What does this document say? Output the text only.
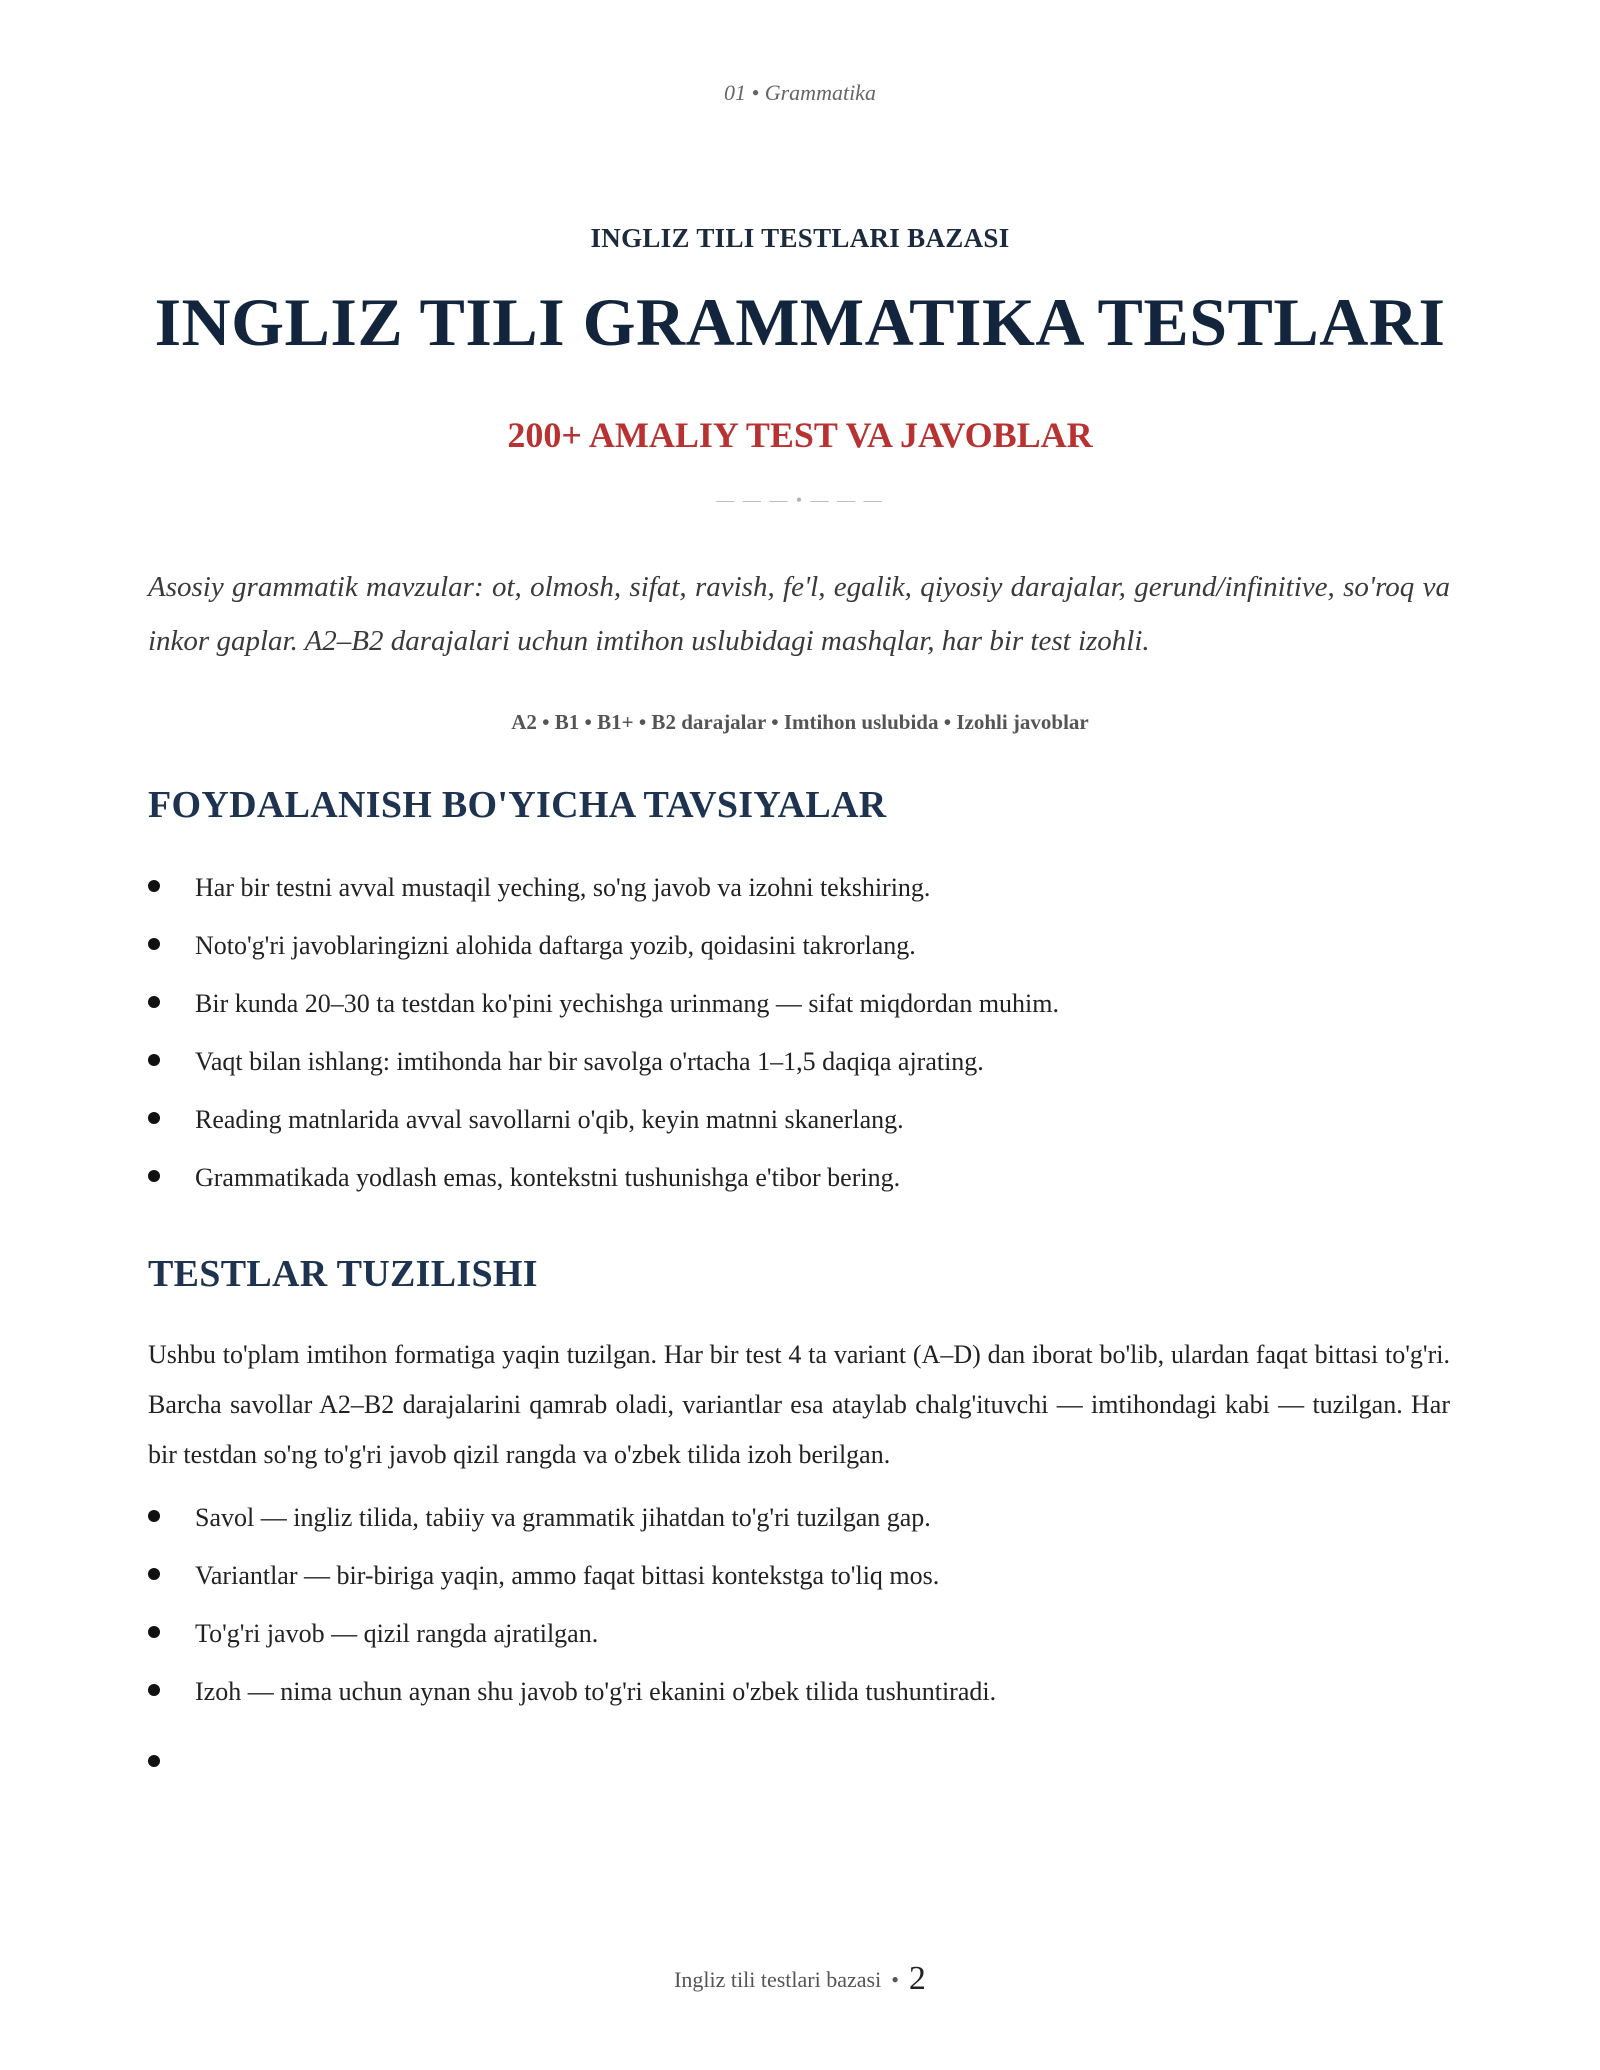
01 • Grammatika
INGLIZ TILI TESTLARI BAZASI
INGLIZ TILI GRAMMATIKA TESTLARI
200+ AMALIY TEST VA JAVOBLAR
— — — • — — —
Asosiy grammatik mavzular: ot, olmosh, sifat, ravish, fe'l, egalik, qiyosiy darajalar, gerund/infinitive, so'roq va inkor gaplar. A2–B2 darajalari uchun imtihon uslubidagi mashqlar, har bir test izohli.
A2 • B1 • B1+ • B2 darajalar • Imtihon uslubida • Izohli javoblar
FOYDALANISH BO'YICHA TAVSIYALAR
Har bir testni avval mustaqil yeching, so'ng javob va izohni tekshiring.
Noto'g'ri javoblaringizni alohida daftarga yozib, qoidasini takrorlang.
Bir kunda 20–30 ta testdan ko'pini yechishga urinmang — sifat miqdordan muhim.
Vaqt bilan ishlang: imtihonda har bir savolga o'rtacha 1–1,5 daqiqa ajrating.
Reading matnlarida avval savollarni o'qib, keyin matnni skanerlang.
Grammatikada yodlash emas, kontekstni tushunishga e'tibor bering.
TESTLAR TUZILISHI
Ushbu to'plam imtihon formatiga yaqin tuzilgan. Har bir test 4 ta variant (A–D) dan iborat bo'lib, ulardan faqat bittasi to'g'ri. Barcha savollar A2–B2 darajalarini qamrab oladi, variantlar esa ataylab chalg'ituvchi — imtihondagi kabi — tuzilgan. Har bir testdan so'ng to'g'ri javob qizil rangda va o'zbek tilida izoh berilgan.
Savol — ingliz tilida, tabiiy va grammatik jihatdan to'g'ri tuzilgan gap.
Variantlar — bir-biriga yaqin, ammo faqat bittasi kontekstga to'liq mos.
To'g'ri javob — qizil rangda ajratilgan.
Izoh — nima uchun aynan shu javob to'g'ri ekanini o'zbek tilida tushuntiradi.
Ingliz tili testlari bazasi • 2
